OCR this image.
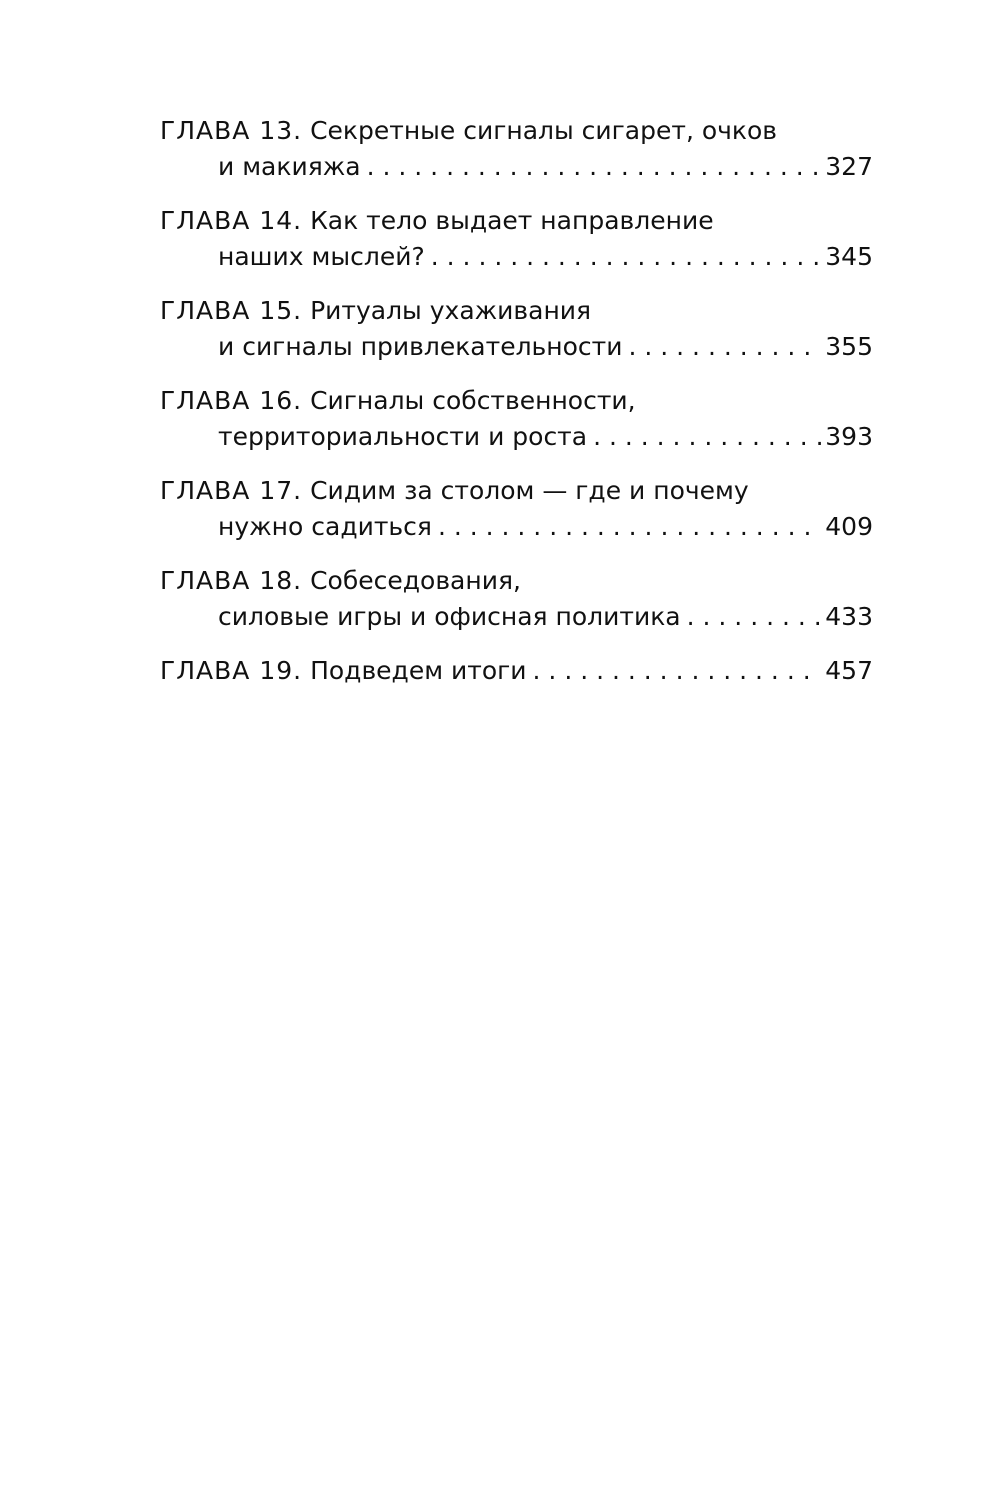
ГЛАВА 13. Секретные сигналы сигарет, очков
и макияжа . . .	327
ГЛАВА 14. Как тело выдает направление
наших мыслей? . . .	345
ГЛАВА 15. Ритуалы ухаживания
и сигналы привлекательности . . .	355
ГЛАВА 16. Сигналы собственности,
территориальности и роста . . .	393
ГЛАВА 17. Сидим за столом — где и почему
нужно садиться . . .	409
ГЛАВА 18. Собеседования,
силовые игры и офисная политика . . .	433
ГЛАВА 19.
Подведем итоги . . .	457
